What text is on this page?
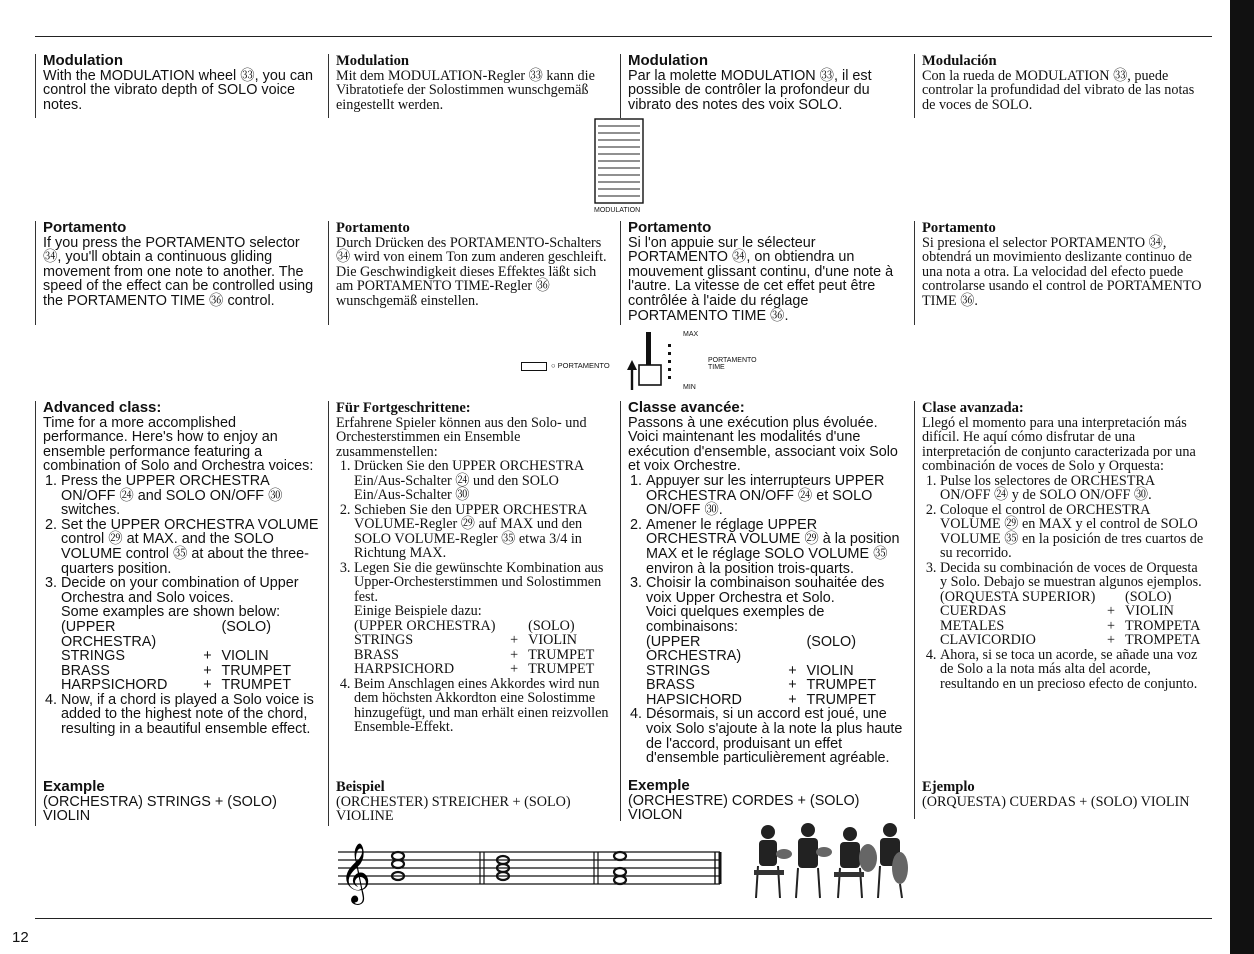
Modulation

With the MODULATION wheel ㉝, you can control the vibrato depth of SOLO voice notes.

Modulation

Mit dem MODULATION-Regler ㉝ kann die Vibratotiefe der Solostimmen wunschgemäß eingestellt werden.

Modulation

Par la molette MODULATION ㉝, il est possible de contrôler la profondeur du vibrato des notes des voix SOLO.

Modulación

Con la rueda de MODULATION ㉝, puede controlar la profundidad del vibrato de las notas de voces de SOLO.

MODULATION
Portamento

If you press the PORTAMENTO selector ㉞, you'll obtain a continuous gliding movement from one note to another. The speed of the effect can be controlled using the PORTAMENTO TIME ㊱ control.

Portamento

Durch Drücken des PORTAMENTO-Schalters ㉞ wird von einem Ton zum anderen geschleift. Die Geschwindigkeit dieses Effektes läßt sich am PORTAMENTO TIME-Regler ㊱ wunschgemäß einstellen.

Portamento

Si l'on appuie sur le sélecteur PORTAMENTO ㉞, on obtiendra un mouvement glissant continu, d'une note à l'autre. La vitesse de cet effet peut être contrôlée à l'aide du réglage PORTAMENTO TIME ㊱.

Portamento

Si presiona el selector PORTAMENTO ㉞, obtendrá un movimiento deslizante continuo de una nota a otra. La velocidad del efecto puede controlarse usando el control de PORTAMENTO TIME ㊱.

○ PORTAMENTO
MAX
MIN
PORTAMENTO TIME
Advanced class:

Time for a more accomplished performance. Here's how to enjoy an ensemble performance featuring a combination of Solo and Orchestra voices:

1. Press the UPPER ORCHESTRA ON/OFF ㉔ and SOLO ON/OFF ㉚ switches.
2. Set the UPPER ORCHESTRA VOLUME control ㉙ at MAX. and the SOLO VOLUME control ㉟ at about the three-quarters position.
3. Decide on your combination of Upper Orchestra and Solo voices.
Some examples are shown below:
(UPPER ORCHESTRA)
(SOLO)
STRINGS	+ VIOLIN
BRASS	+ TRUMPET
HARPSICHORD	+ TRUMPET
4. Now, if a chord is played a Solo voice is added to the highest note of the chord, resulting in a beautiful ensemble effect.
Example

(ORCHESTRA) STRINGS + (SOLO) VIOLIN

Für Fortgeschrittene:

Erfahrene Spieler können aus den Solo- und Orchesterstimmen ein Ensemble zusammenstellen:

1. Drücken Sie den UPPER ORCHESTRA Ein/Aus-Schalter ㉔ und den SOLO Ein/Aus-Schalter ㉚
2. Schieben Sie den UPPER ORCHESTRA VOLUME-Regler ㉙ auf MAX und den SOLO VOLUME-Regler ㉟ etwa 3/4 in Richtung MAX.
3. Legen Sie die gewünschte Kombination aus Upper-Orchesterstimmen und Solostimmen fest.
Einige Beispiele dazu:
(UPPER ORCHESTRA)	(SOLO)
STRINGS	+ VIOLIN
BRASS	+ TRUMPET
HARPSICHORD	+ TRUMPET
4. Beim Anschlagen eines Akkordes wird nun dem höchsten Akkordton eine Solostimme hinzugefügt, und man erhält einen reizvollen Ensemble-Effekt.
Beispiel

(ORCHESTER) STREICHER + (SOLO) VIOLINE

Classe avancée:

Passons à une exécution plus évoluée. Voici maintenant les modalités d'une exécution d'ensemble, associant voix Solo et voix Orchestre.

1. Appuyer sur les interrupteurs UPPER ORCHESTRA ON/OFF ㉔ et SOLO ON/OFF ㉚.
2. Amener le réglage UPPER ORCHESTRA VOLUME ㉙ à la position MAX et le réglage SOLO VOLUME ㉟ environ à la position trois-quarts.
3. Choisir la combinaison souhaitée des voix Upper Orchestra et Solo.
Voici quelques exemples de combinaisons:
(UPPER ORCHESTRA)
(SOLO)
STRINGS	+ VIOLIN
BRASS	+ TRUMPET
HAPSICHORD	+ TRUMPET
4. Désormais, si un accord est joué, une voix Solo s'ajoute à la note la plus haute de l'accord, produisant un effet d'ensemble particulièrement agréable.
Exemple

(ORCHESTRE) CORDES + (SOLO) VIOLON

Clase avanzada:

Llegó el momento para una interpretación más difícil. He aquí cómo disfrutar de una interpretación de conjunto caracterizada por una combinación de voces de Solo y Orquesta:

1. Pulse los selectores de ORCHESTRA ON/OFF ㉔ y de SOLO ON/OFF ㉚.
2. Coloque el control de ORCHESTRA VOLUME ㉙ en MAX y el control de SOLO VOLUME ㉟ en la posición de tres cuartos de su recorrido.
3. Decida su combinación de voces de Orquesta y Solo. Debajo se muestran algunos ejemplos.
(ORQUESTA SUPERIOR) (SOLO)
CUERDAS	+ VIOLIN
METALES	+ TROMPETA
CLAVICORDIO	+ TROMPETA
4. Ahora, si se toca un acorde, se añade una voz de Solo a la nota más alta del acorde, resultando en un precioso efecto de conjunto.
Ejemplo

(ORQUESTA) CUERDAS + (SOLO) VIOLIN

𝄞
12
